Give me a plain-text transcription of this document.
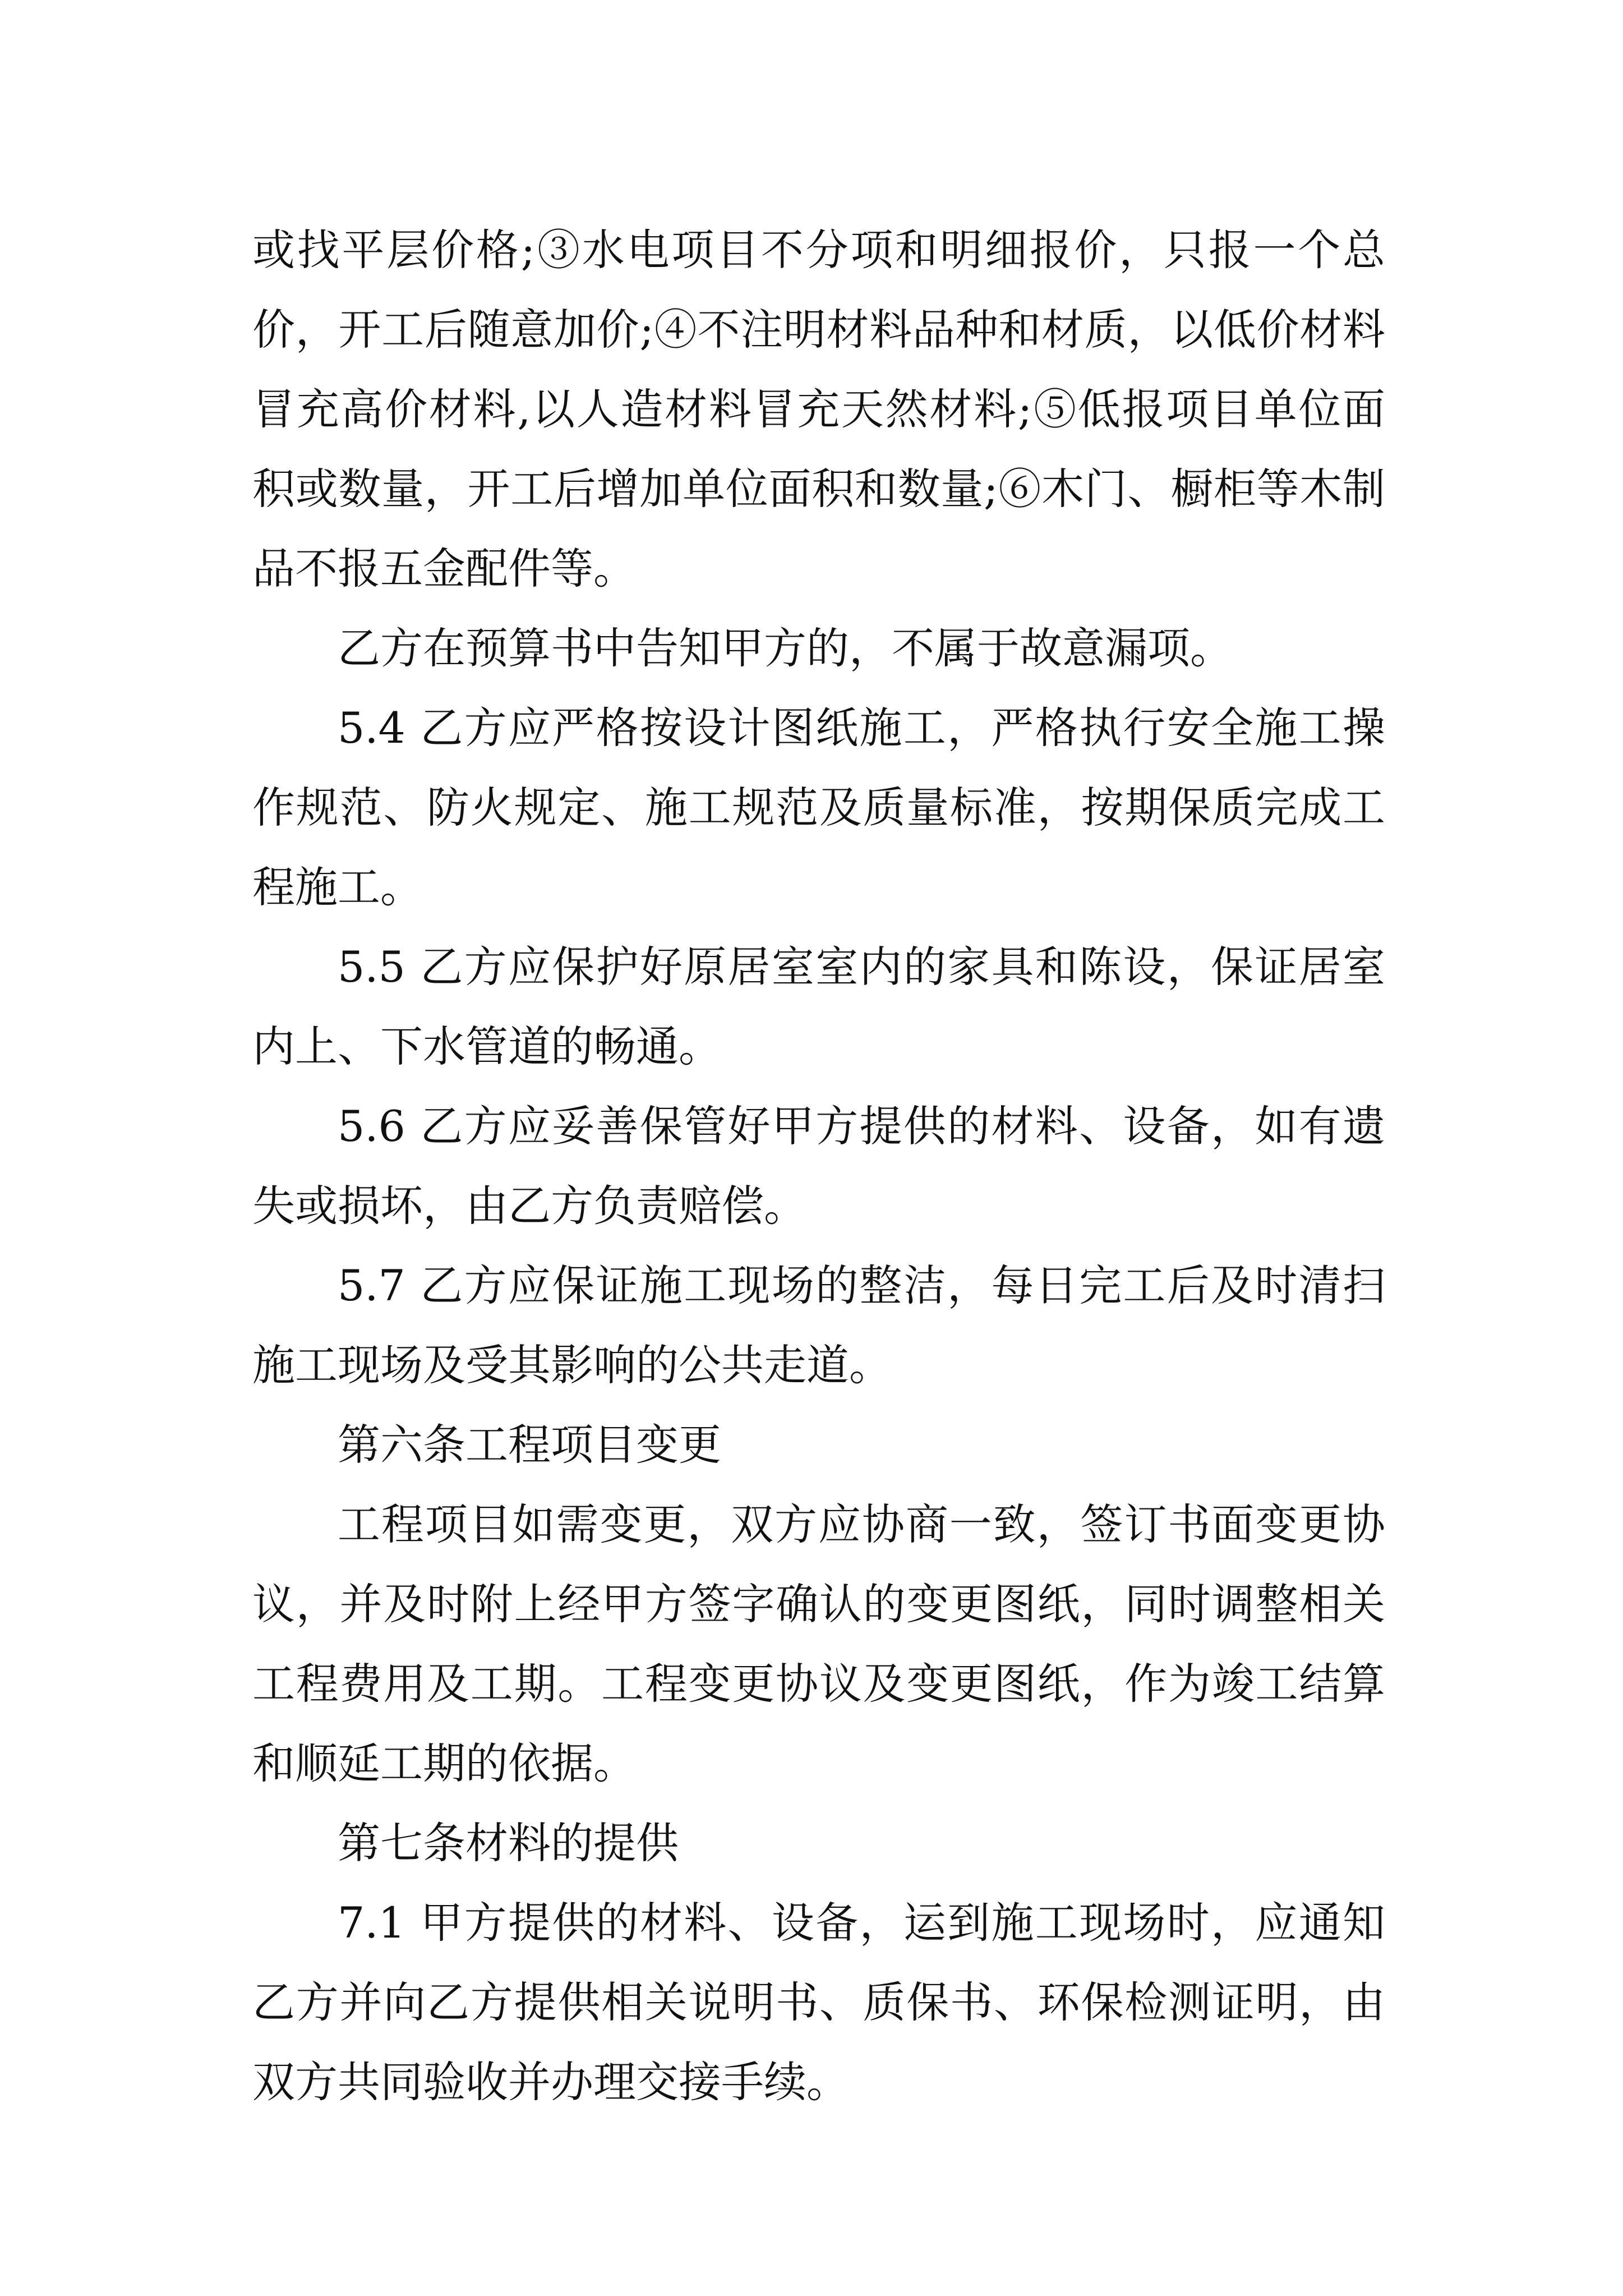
或找平层价格;③水电项目不分项和明细报价，只报一个总价，开工后随意加价;④不注明材料品种和材质，以低价材料冒充高价材料,以人造材料冒充天然材料;⑤低报项目单位面积或数量，开工后增加单位面积和数量;⑥木门、橱柜等木制品不报五金配件等。

乙方在预算书中告知甲方的，不属于故意漏项。

5.4 乙方应严格按设计图纸施工，严格执行安全施工操作规范、防火规定、施工规范及质量标准，按期保质完成工程施工。

5.5 乙方应保护好原居室室内的家具和陈设，保证居室内上、下水管道的畅通。

5.6 乙方应妥善保管好甲方提供的材料、设备，如有遗失或损坏，由乙方负责赔偿。

5.7 乙方应保证施工现场的整洁，每日完工后及时清扫施工现场及受其影响的公共走道。

第六条工程项目变更

工程项目如需变更，双方应协商一致，签订书面变更协议，并及时附上经甲方签字确认的变更图纸，同时调整相关工程费用及工期。工程变更协议及变更图纸，作为竣工结算和顺延工期的依据。

第七条材料的提供

7.1 甲方提供的材料、设备，运到施工现场时，应通知乙方并向乙方提供相关说明书、质保书、环保检测证明，由双方共同验收并办理交接手续。
